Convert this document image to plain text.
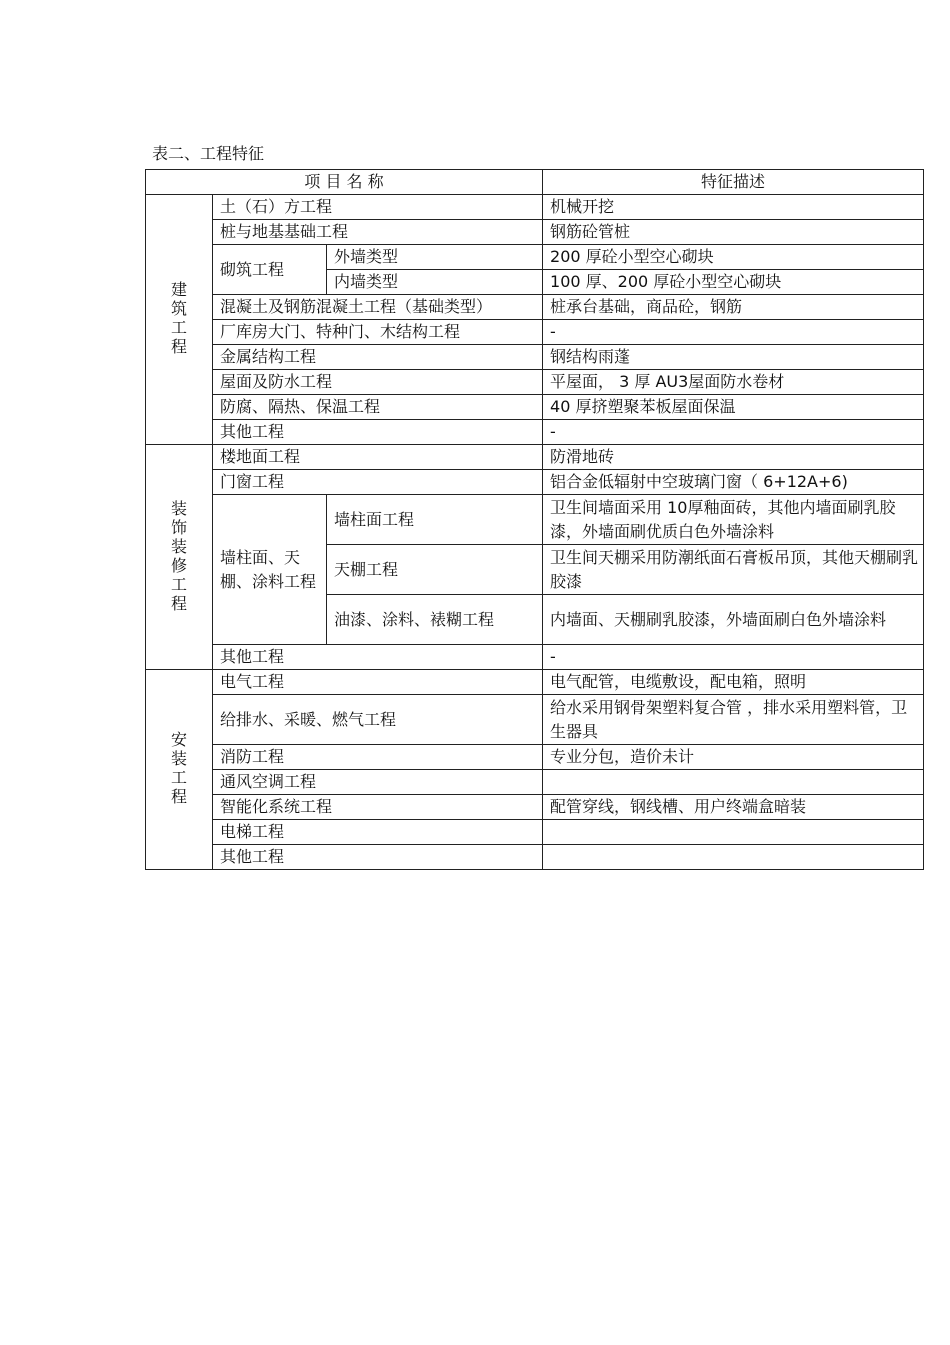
表二、工程特征
项 目 名 称			特征描述
建筑工程	土（石）方工程		机械开挖
	桩与地基基础工程		钢筋砼管桩
	砌筑工程	外墙类型	200 厚砼小型空心砌块
		内墙类型	100 厚、200 厚砼小型空心砌块
	混凝土及钢筋混凝土工程（基础类型）		桩承台基础，商品砼，钢筋
	厂库房大门、特种门、木结构工程		-
	金属结构工程		钢结构雨蓬
	屋面及防水工程		平屋面， 3 厚 AU3屋面防水卷材
	防腐、隔热、保温工程		40 厚挤塑聚苯板屋面保温
	其他工程		-
装饰装修工程	楼地面工程		防滑地砖
	门窗工程		铝合金低辐射中空玻璃门窗（ 6+12A+6)
	墙柱面、天棚、涂料工程	墙柱面工程	卫生间墙面采用 10厚釉面砖，其他内墙面刷乳胶漆，外墙面刷优质白色外墙涂料
		天棚工程	卫生间天棚采用防潮纸面石膏板吊顶，其他天棚刷乳胶漆
		油漆、涂料、裱糊工程	内墙面、天棚刷乳胶漆，外墙面刷白色外墙涂料
	其他工程		-
安装工程	电气工程		电气配管，电缆敷设，配电箱，照明
	给排水、采暖、燃气工程		给水采用钢骨架塑料复合管 ，排水采用塑料管，卫生器具
	消防工程		专业分包，造价未计
	通风空调工程		
	智能化系统工程		配管穿线，钢线槽、用户终端盒暗装
	电梯工程		
	其他工程		
